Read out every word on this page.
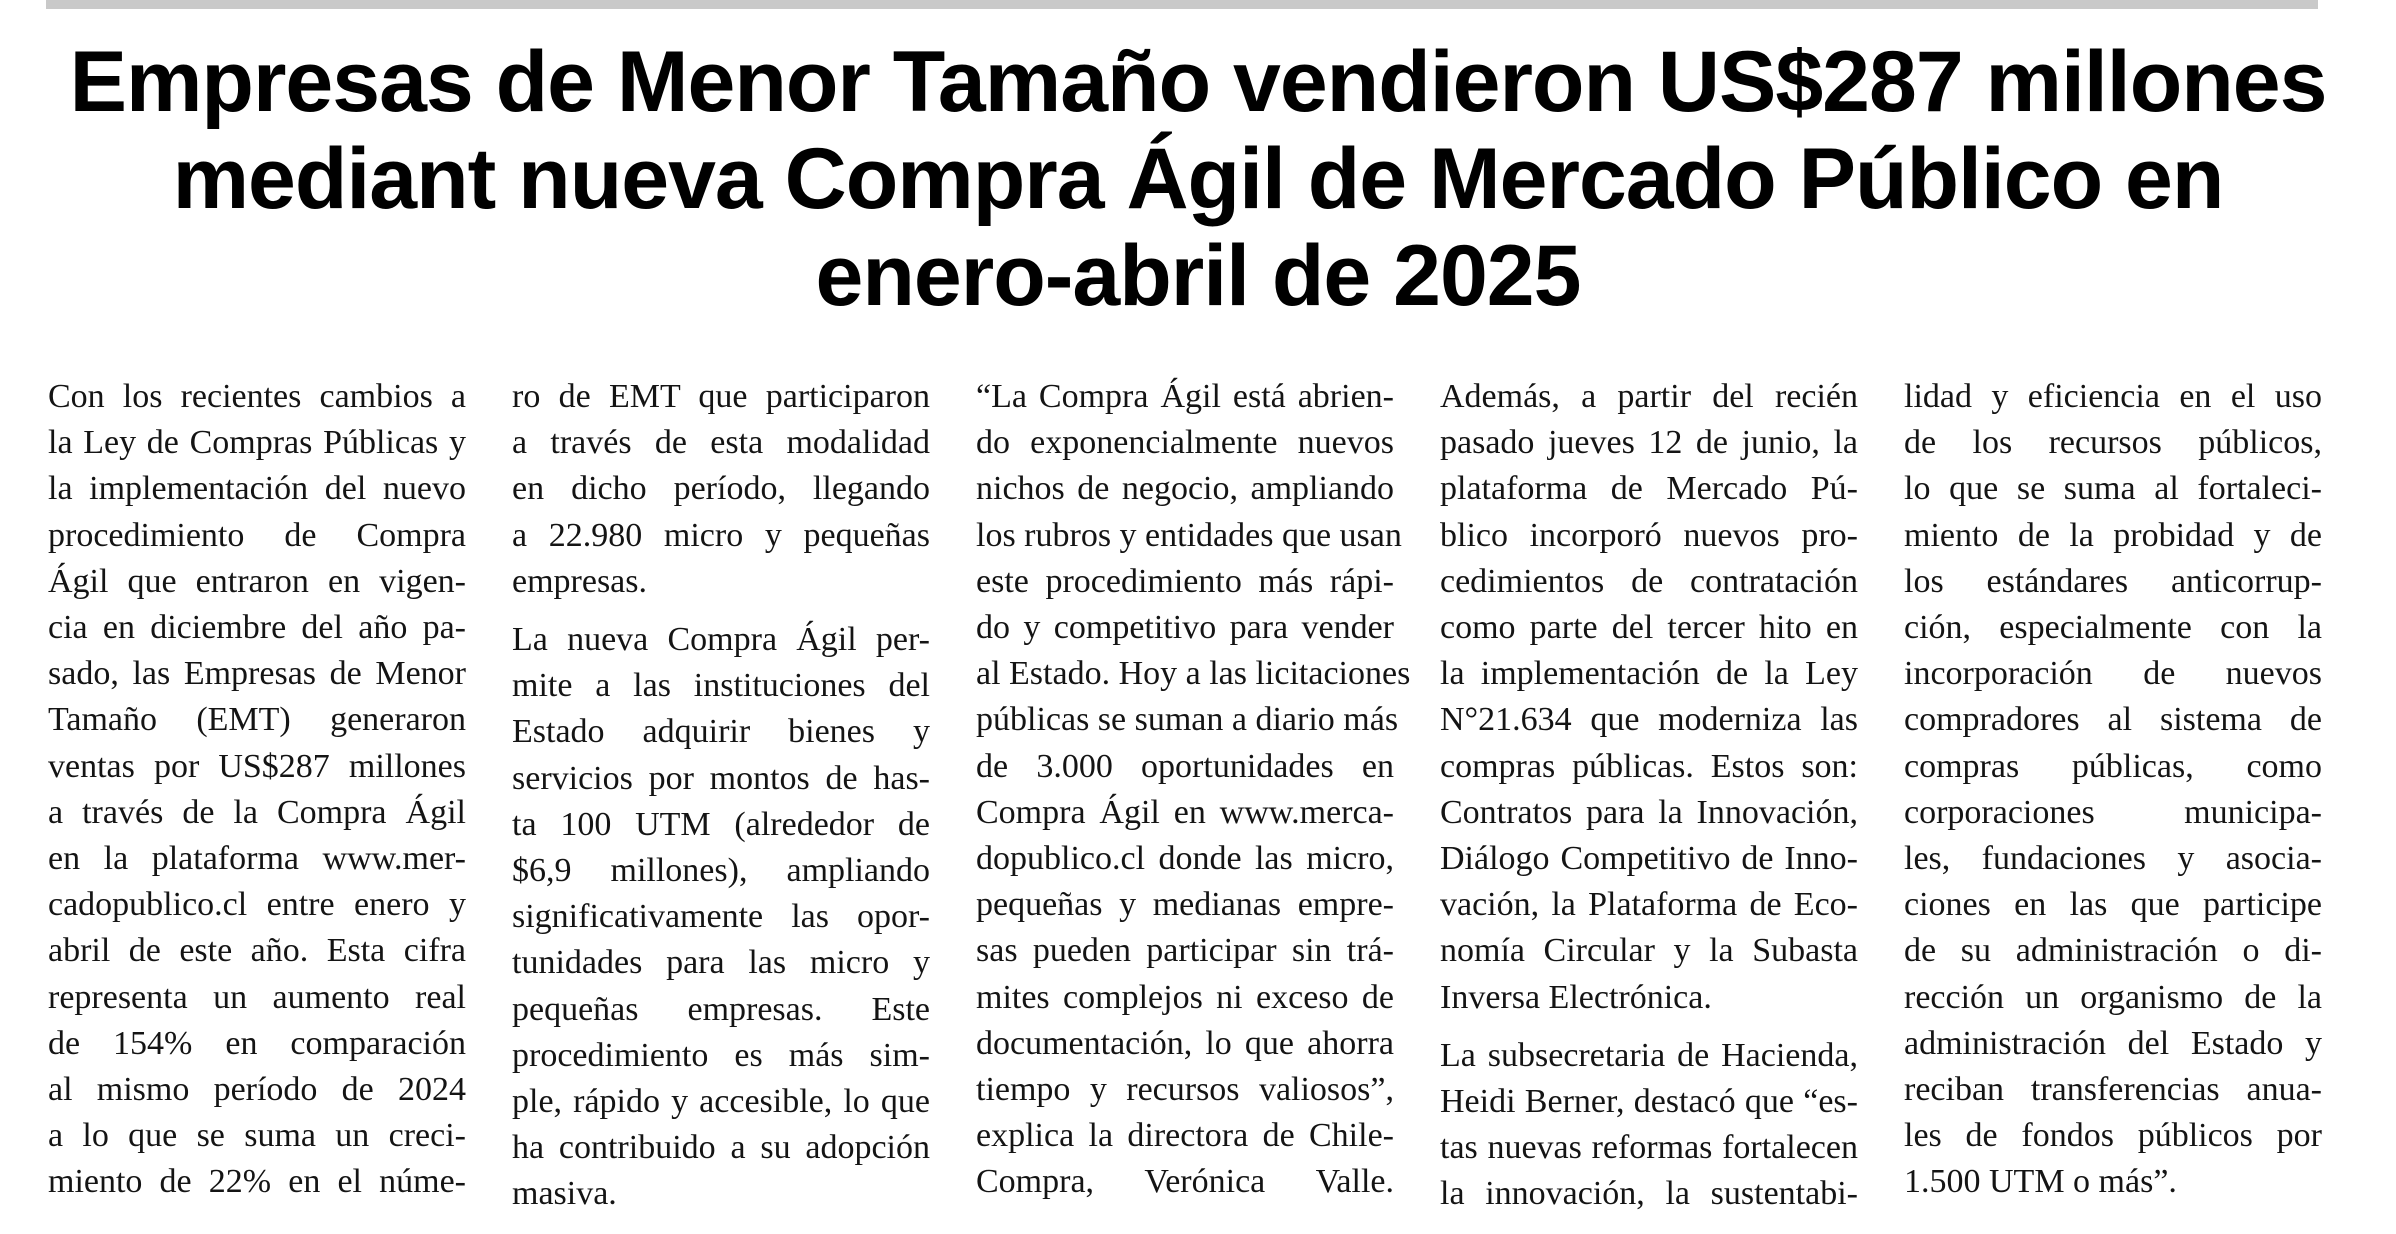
Empresas de Menor Tamaño vendieron US$287 millones
mediant nueva Compra Ágil de Mercado Público en
enero-abril de 2025

Con los recientes cambios a
la Ley de Compras Públicas y
la implementación del nuevo
procedimiento de Compra
Ágil que entraron en vigen-
cia en diciembre del año pa-
sado, las Empresas de Menor
Tamaño (EMT) generaron
ventas por US$287 millones
a través de la Compra Ágil
en la plataforma www.mer-
cadopublico.cl entre enero y
abril de este año. Esta cifra
representa un aumento real
de 154% en comparación
al mismo período de 2024
a lo que se suma un creci-
miento de 22% en el núme-

ro de EMT que participaron
a través de esta modalidad
en dicho período, llegando
a 22.980 micro y pequeñas
empresas.

La nueva Compra Ágil per-
mite a las instituciones del
Estado adquirir bienes y
servicios por montos de has-
ta 100 UTM (alrededor de
$6,9 millones), ampliando
significativamente las opor-
tunidades para las micro y
pequeñas empresas. Este
procedimiento es más sim-
ple, rápido y accesible, lo que
ha contribuido a su adopción
masiva.

“La Compra Ágil está abrien-
do exponencialmente nuevos
nichos de negocio, ampliando
los rubros y entidades que usan
este procedimiento más rápi-
do y competitivo para vender
al Estado. Hoy a las licitaciones
públicas se suman a diario más
de 3.000 oportunidades en
Compra Ágil en www.merca-
dopublico.cl donde las micro,
pequeñas y medianas empre-
sas pueden participar sin trá-
mites complejos ni exceso de
documentación, lo que ahorra
tiempo y recursos valiosos”,
explica la directora de Chile-
Compra, Verónica Valle.

Además, a partir del recién
pasado jueves 12 de junio, la
plataforma de Mercado Pú-
blico incorporó nuevos pro-
cedimientos de contratación
como parte del tercer hito en
la implementación de la Ley
N°21.634 que moderniza las
compras públicas. Estos son:
Contratos para la Innovación,
Diálogo Competitivo de Inno-
vación, la Plataforma de Eco-
nomía Circular y la Subasta
Inversa Electrónica.

La subsecretaria de Hacienda,
Heidi Berner, destacó que “es-
tas nuevas reformas fortalecen
la innovación, la sustentabi-

lidad y eficiencia en el uso
de los recursos públicos,
lo que se suma al fortaleci-
miento de la probidad y de
los estándares anticorrup-
ción, especialmente con la
incorporación de nuevos
compradores al sistema de
compras públicas, como
corporaciones municipa-
les, fundaciones y asocia-
ciones en las que participe
de su administración o di-
rección un organismo de la
administración del Estado y
reciban transferencias anua-
les de fondos públicos por
1.500 UTM o más”.
